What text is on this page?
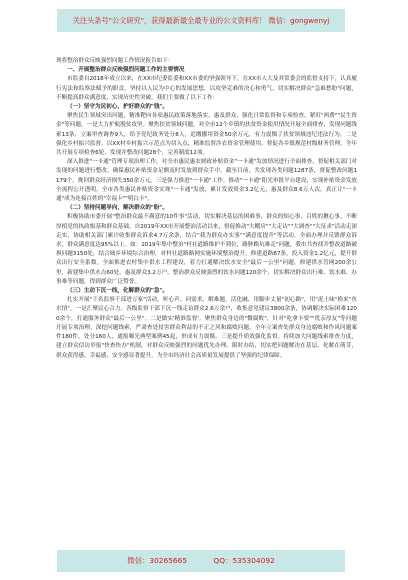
关注头条号"公文研究"，获得最新最全最专业的公文资料库！ 微信：gongwenyj

现将整治群众反映强烈问题工作情况报告如下：

一、开展整治群众反映强烈问题工作的主要情况

市监委自2018年成立以来，在XX市纪委监委和XX市委的坚强领导下，在XX市人大及其常委会的监督支持下，认真履行宪法和监察法赋予的职责，坚持以人民为中心的发展思想，以攻坚克难的决心和勇气，切实解决群众"急难愁盼"问题，不断提高群众满意度，实现历史性突破。我们主要做了以下工作：

（一）坚守为民初心，护好群众的"钱"。

聚焦民生领域突出问题，精准靶向各项惠民政策落地落实、惠及群众，强化日常监督和专项检查，紧盯"两费""民生资金"等问题，一是大力护航脱贫攻坚。聚焦扶贫领域问题，对全市12个乡镇的扶贫资金使用情况开展全面排查，发现问题线索13条，立案审查调查9人，给予党纪政务处分8人，追缴挪用资金50余万元，有力震慑了扶贫领域违纪违法行为。二是强化乡村振兴监督。以XX村乡村振兴示范点为切入点，精准监督涉农资金管理使用，督促各乡镇规范村级财务管理，全年共开展专项检查6轮，发现并整改问题28个，完善制度12项。

深入推进"一卡通"管理专项治理工作，对全市惠民惠农财政补贴资金"一卡通"发放情况进行全面排查，督促相关部门对发现的问题进行整改，确保惠民补贴资金足额及时发放到群众手中。截至目前，共发现各类问题1287条，督促整改问题1179个，挽回群众经济损失350余万元。三是强力推进"一卡通"工作。推动"一卡通"阳光审批平台建设，实现补贴资金发放全流程公开透明，全市各类惠民补贴资金实现"一卡通"发放，累计发放资金3.2亿元，惠及群众8.6万人次，真正让"一卡通"成为连接百姓的"幸福卡""明白卡"。

（二）坚持问题导向，解决群众的"盼"。

积极协助市委开展"整治群众最不满意的10件事"活动，切实解决基层的困难事，群众的烦心事，百姓的揪心事，不断厚植党的执政根基和群众基础。自2019年XX市开展整治活动以来，督促推动"大棚房""大走访""大调查""大征求"活动走深走实，协助相关部门累计收集群众诉求4.7万余条，结合"我为群众办实事""满意度提升"等活动，全面办理并反馈群众诉求，群众满意度达95%以上。如：2019年集中整治"村社道路维护不到位，路肿路坑难走"问题，我市共查找并整改道路破损问题3150处，结合城乡环境综合治理，对村社道路路网实施环境整治提升，修建道路87条，投入资金1.2亿元，提升群众出行安全系数。全面推进农村集中供水工程建设，着力打通解决饮水安全"最后一公里"问题，修建供水管网200余公里，新建集中供水点60处，惠及群众3.2万户，整治群众反映强烈的饮水问题120余个，切实解决群众出行难、饮水难、办事难等问题，得到群众广泛赞誉。

（三）主动下沉一线，化解群众的"急"。

扎实开展"千名监察干部进万家"活动，听心声、问需求、解难题，活化融、用脚步丈量"初心路"，用"泥土味"换来"鱼水情"。一是汇聚民心合力。各级监察干部下沉一线走访群众2.6万余户，收集意见建议3800余条，协调解决实际困难1200余个，打通服务群众"最后一公里"。二是做实'精准监督'。聚焦群众身边的"微腐败"，针对"吃拿卡要""优亲厚友"等问题开展专项治理，深挖问题线索，严肃查处侵害群众利益的不正之风和腐败问题，全年立案查处群众身边腐败和作风问题案件180件，处分160人，通报曝光典型案例45起，形成有力震慑。三是提升质效强化监督。持续加大问题线索排查力度，建立群众信访举报"快查快办"机制，对群众反映强烈的问题优先办理、限时办结，切实把问题解决在基层、化解在萌芽，群众获得感、幸福感、安全感显著提升，为全市经济社会高质量发展提供了坚强的纪律保障。

微信：30265665	QQ：535304092
